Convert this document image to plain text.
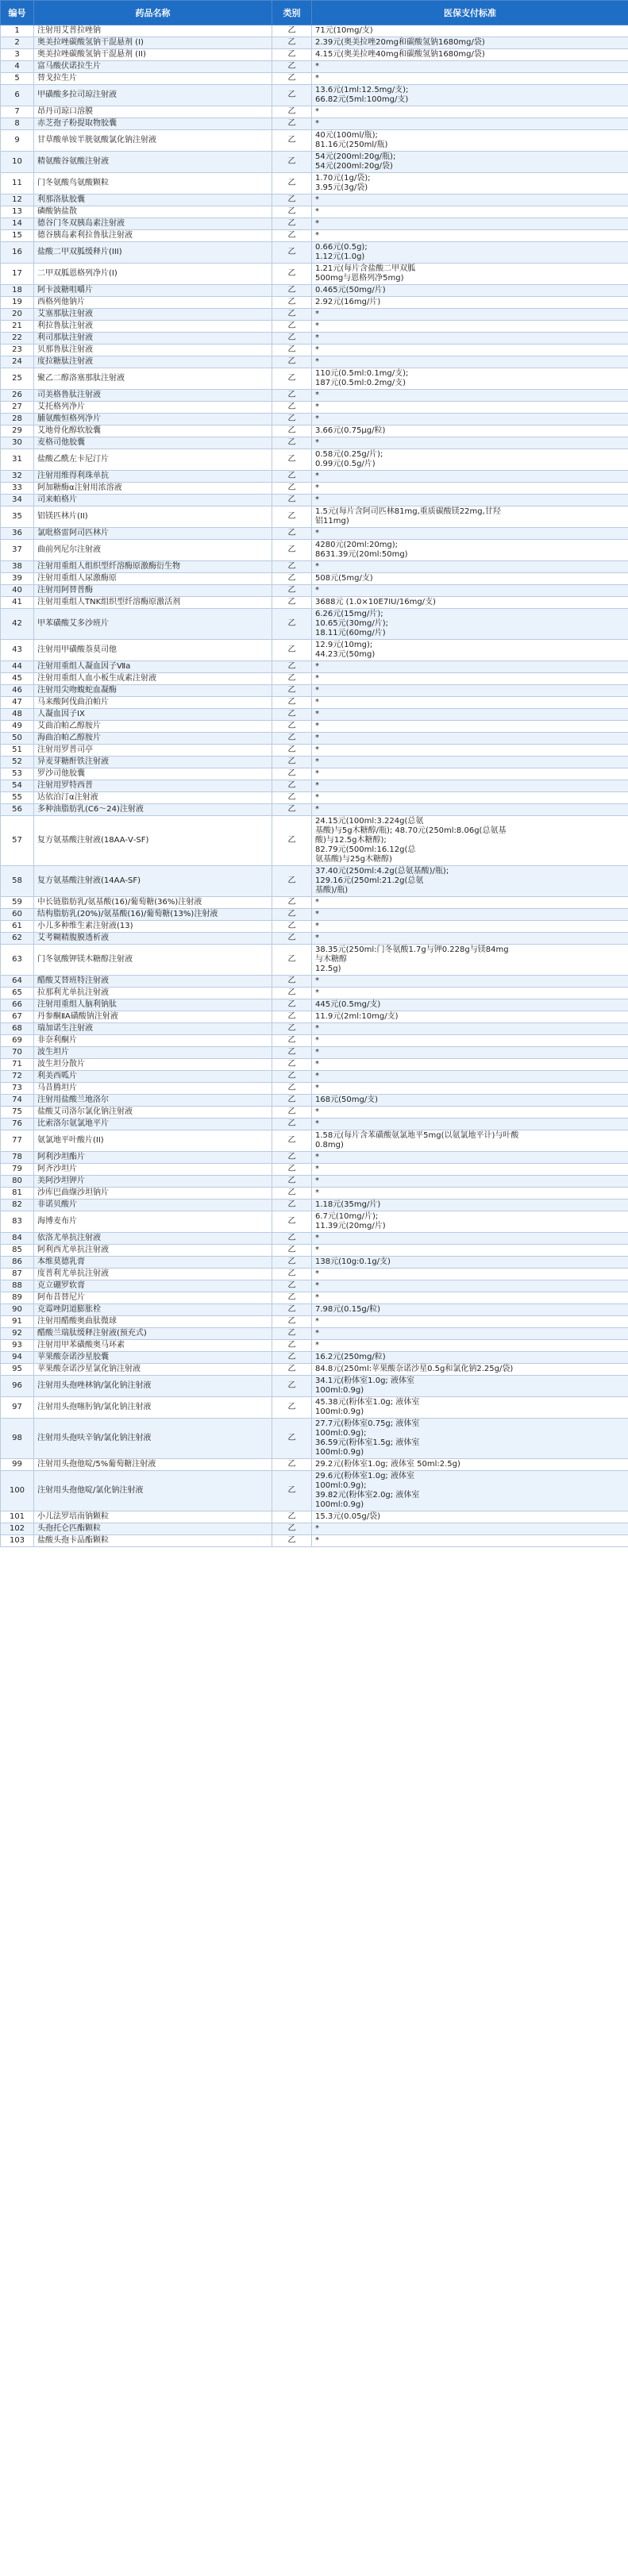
编号	药品名称	类别	医保支付标准
1	注射用艾普拉唑钠	乙	71元(10mg/支)

2	奥美拉唑碳酸氢钠干混悬剂 (I)	乙	2.39元(奥美拉唑20mg和碳酸氢钠1680mg/袋)

3	奥美拉唑碳酸氢钠干混悬剂 (II)	乙	4.15元(奥美拉唑40mg和碳酸氢钠1680mg/袋)

4	富马酸伏诺拉生片	乙	*

5	替戈拉生片	乙	*

6	甲磺酸多拉司琼注射液	乙	13.6元(1ml:12.5mg/支);
66.82元(5ml:100mg/支)

7	昂丹司琼口溶膜	乙	*

8	赤芝孢子粉提取物胶囊	乙	*

9	甘草酸单铵半胱氨酸氯化钠注射液	乙	40元(100ml/瓶);
81.16元(250ml/瓶)

10	精氨酸谷氨酸注射液	乙	54元(200ml:20g/瓶);
54元(200ml:20g/袋)

11	门冬氨酸鸟氨酸颗粒	乙	1.70元(1g/袋);
3.95元(3g/袋)

12	利那洛肽胶囊	乙	*

13	磷酸钠盐散	乙	*

14	德谷门冬双胰岛素注射液	乙	*

15	德谷胰岛素利拉鲁肽注射液	乙	*

16	盐酸二甲双胍缓释片(III)	乙	0.66元(0.5g);
1.12元(1.0g)

17	二甲双胍恩格列净片(Ⅰ)	乙	1.21元(每片含盐酸二甲双胍
500mg与恩格列净5mg)

18	阿卡波糖咀嚼片	乙	0.465元(50mg/片)

19	西格列他钠片	乙	2.92元(16mg/片)

20	艾塞那肽注射液	乙	*

21	利拉鲁肽注射液	乙	*

22	利司那肽注射液	乙	*

23	贝那鲁肽注射液	乙	*

24	度拉糖肽注射液	乙	*

25	聚乙二醇洛塞那肽注射液	乙	110元(0.5ml:0.1mg/支);
187元(0.5ml:0.2mg/支)

26	司美格鲁肽注射液	乙	*

27	艾托格列净片	乙	*

28	脯氨酸恒格列净片	乙	*

29	艾地骨化醇软胶囊	乙	3.66元(0.75μg/粒)

30	麦格司他胶囊	乙	*

31	盐酸乙酰左卡尼汀片	乙	0.58元(0.25g/片);
0.99元(0.5g/片)

32	注射用维得利珠单抗	乙	*

33	阿加糖酶α注射用浓溶液	乙	*

34	司来帕格片	乙	*

35	铝镁匹林片(II)	乙	1.5元(每片含阿司匹林81mg,重质碳酸镁22mg,甘羟
铝11mg)

36	氯吡格雷阿司匹林片	乙	*

37	曲前列尼尔注射液	乙	4280元(20ml:20mg);
8631.39元(20ml:50mg)

38	注射用重组人组织型纤溶酶原激酶衍生物	乙	*

39	注射用重组人尿激酶原	乙	508元(5mg/支)

40	注射用阿替普酶	乙	*

41	注射用重组人TNK组织型纤溶酶原激活剂	乙	3688元 (1.0×10E7IU/16mg/支)

42	甲苯磺酸艾多沙班片	乙	6.26元(15mg/片);
10.65元(30mg/片);
18.11元(60mg/片)

43	注射用甲磺酸萘莫司他	乙	12.9元(10mg);
44.23元(50mg)

44	注射用重组人凝血因子Ⅶa	乙	*

45	注射用重组人血小板生成素注射液	乙	*

46	注射用尖吻蝮蛇血凝酶	乙	*

47	马来酸阿伐曲泊帕片	乙	*

48	人凝血因子IX	乙	*

49	艾曲泊帕乙醇胺片	乙	*

50	海曲泊帕乙醇胺片	乙	*

51	注射用罗普司亭	乙	*

52	异麦芽糖酐铁注射液	乙	*

53	罗沙司他胶囊	乙	*

54	注射用罗特西普	乙	*

55	达依泊汀α注射液	乙	*

56	多种油脂肪乳(C6～24)注射液	乙	*

57	复方氨基酸注射液(18AA-Ⅴ-SF)	乙	24.15元(100ml:3.224g(总氨
基酸)与5g木糖醇/瓶); 48.70元(250ml:8.06g(总氨基
酸)与12.5g木糖醇);
82.79元(500ml:16.12g(总
氨基酸)与25g木糖醇)

58	复方氨基酸注射液(14AA-SF)	乙	37.40元(250ml:4.2g(总氨基酸)/瓶);
129.16元(250ml:21.2g(总氨
基酸)/瓶)

59	中长链脂肪乳/氨基酸(16)/葡萄糖(36%)注射液	乙	*

60	结构脂肪乳(20%)/氨基酸(16)/葡萄糖(13%)注射液	乙	*

61	小儿多种维生素注射液(13)	乙	*

62	艾考糊精腹膜透析液	乙	*

63	门冬氨酸钾镁木糖醇注射液	乙	38.35元(250ml:门冬氨酸1.7g与钾0.228g与镁84mg
与木糖醇
12.5g)

64	醋酸艾替班特注射液	乙	*

65	拉那利尤单抗注射液	乙	*

66	注射用重组人脑利钠肽	乙	445元(0.5mg/支)

67	丹参酮ⅡA磺酸钠注射液	乙	11.9元(2ml:10mg/支)

68	瑞加诺生注射液	乙	*

69	非奈利酮片	乙	*

70	波生坦片	乙	*

71	波生坦分散片	乙	*

72	利美西呱片	乙	*

73	马昔腾坦片	乙	*

74	注射用盐酸兰地洛尔	乙	168元(50mg/支)

75	盐酸艾司洛尔氯化钠注射液	乙	*

76	比索洛尔氨氯地平片	乙	*

77	氨氯地平叶酸片(II)	乙	1.58元(每片含苯磺酸氨氯地平5mg(以氨氯地平计)与叶酸
0.8mg)

78	阿利沙坦酯片	乙	*

79	阿齐沙坦片	乙	*

80	美阿沙坦钾片	乙	*

81	沙库巴曲缬沙坦钠片	乙	*

82	非诺贝酸片	乙	1.18元(35mg/片)

83	海博麦布片	乙	6.7元(10mg/片);
11.39元(20mg/片)

84	依洛尤单抗注射液	乙	*

85	阿利西尤单抗注射液	乙	*

86	本维莫德乳膏	乙	138元(10g:0.1g/支)

87	度普利尤单抗注射液	乙	*

88	克立硼罗软膏	乙	*

89	阿布昔替尼片	乙	*

90	克霉唑阴道膨胀栓	乙	7.98元(0.15g/粒)

91	注射用醋酸奥曲肽微球	乙	*

92	醋酸兰瑞肽缓释注射液(预充式)	乙	*

93	注射用甲苯磺酸奥马环素	乙	*

94	苹果酸奈诺沙星胶囊	乙	16.2元(250mg/粒)

95	苹果酸奈诺沙星氯化钠注射液	乙	84.8元(250ml:苹果酸奈诺沙星0.5g和氯化钠2.25g/袋)

96	注射用头孢唑林钠/氯化钠注射液	乙	34.1元(粉体室1.0g; 液体室
100ml:0.9g)

97	注射用头孢噻肟钠/氯化钠注射液	乙	45.38元(粉体室1.0g; 液体室
100ml:0.9g)

98	注射用头孢呋辛钠/氯化钠注射液	乙	27.7元(粉体室0.75g; 液体室
100ml:0.9g);
36.59元(粉体室1.5g; 液体室
100ml:0.9g)

99	注射用头孢他啶/5%葡萄糖注射液	乙	29.2元(粉体室1.0g; 液体室 50ml:2.5g)

100	注射用头孢他啶/氯化钠注射液	乙	29.6元(粉体室1.0g; 液体室
100ml:0.9g);
39.82元(粉体室2.0g; 液体室
100ml:0.9g)

101	小儿法罗培南钠颗粒	乙	15.3元(0.05g/袋)

102	头孢托仑匹酯颗粒	乙	*

103	盐酸头孢卡品酯颗粒	乙	*
